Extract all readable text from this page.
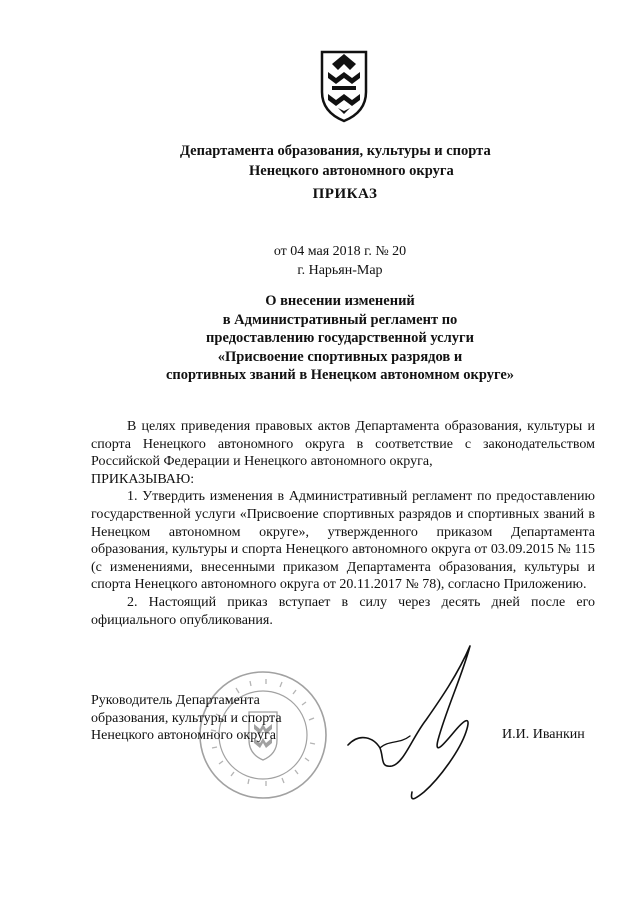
Департамента образования, культуры и спорта
Ненецкого автономного округа
ПРИКАЗ
от 04 мая 2018 г. № 20
г. Нарьян-Мар
О внесении изменений
в Административный регламент по
предоставлению государственной услуги
«Присвоение спортивных разрядов и
спортивных званий в Ненецком автономном округе»

В целях приведения правовых актов Департамента образования, культуры и спорта Ненецкого автономного округа в соответствие с законодательством Российской Федерации и Ненецкого автономного округа,

ПРИКАЗЫВАЮ:

1. Утвердить изменения в Административный регламент по предоставлению государственной услуги «Присвоение спортивных разрядов и спортивных званий в Ненецком автономном округе», утвержденного приказом Департамента образования, культуры и спорта Ненецкого автономного округа от 03.09.2015 № 115 (с изменениями, внесенными приказом Департамента образования, культуры и спорта Ненецкого автономного округа от 20.11.2017 № 78), согласно Приложению.

2. Настоящий приказ вступает в силу через десять дней после его официального опубликования.

Руководитель Департамента
образования, культуры и спорта
Ненецкого автономного округа	И.И. Иванкин
